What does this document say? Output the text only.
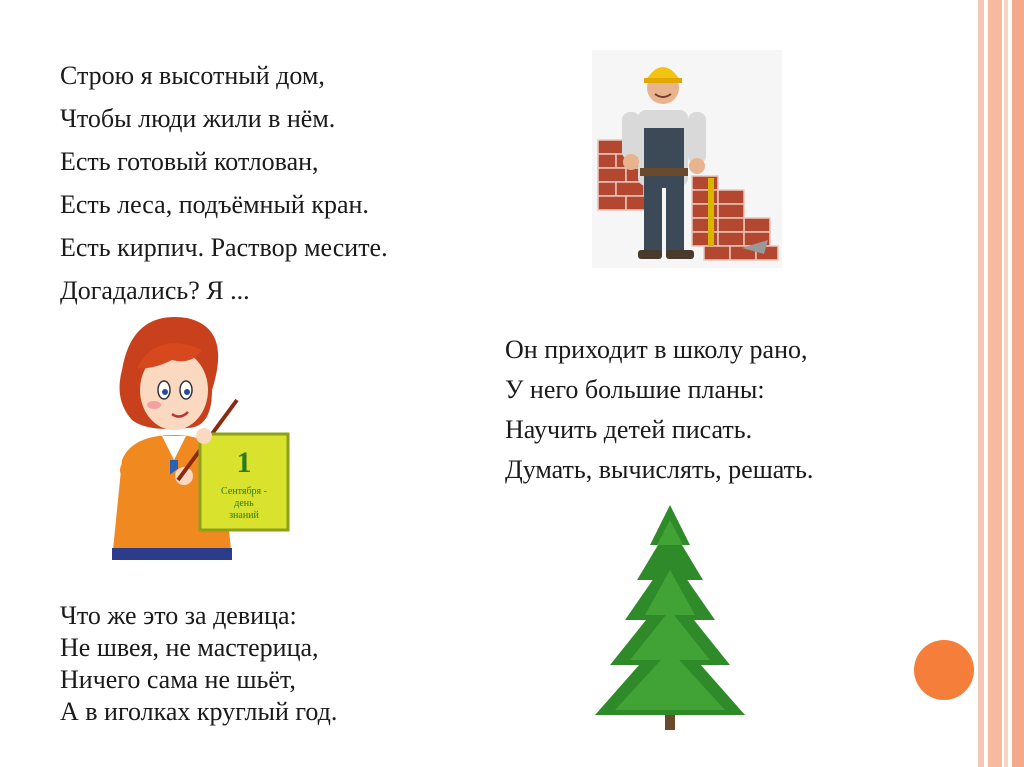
Строю я высотный дом,
Чтобы люди жили в нём.
Есть готовый котлован,
Есть леса, подъёмный кран.
Есть кирпич. Раствор месите.
Догадались? Я ...
Он приходит в школу рано,
У него большие планы:
Научить детей писать.
Думать, вычислять, решать.
Что же это за девица:
Не швея, не мастерица,
Ничего сама не шьёт,
А в иголках круглый год.
1
Сентября -
день
знаний
